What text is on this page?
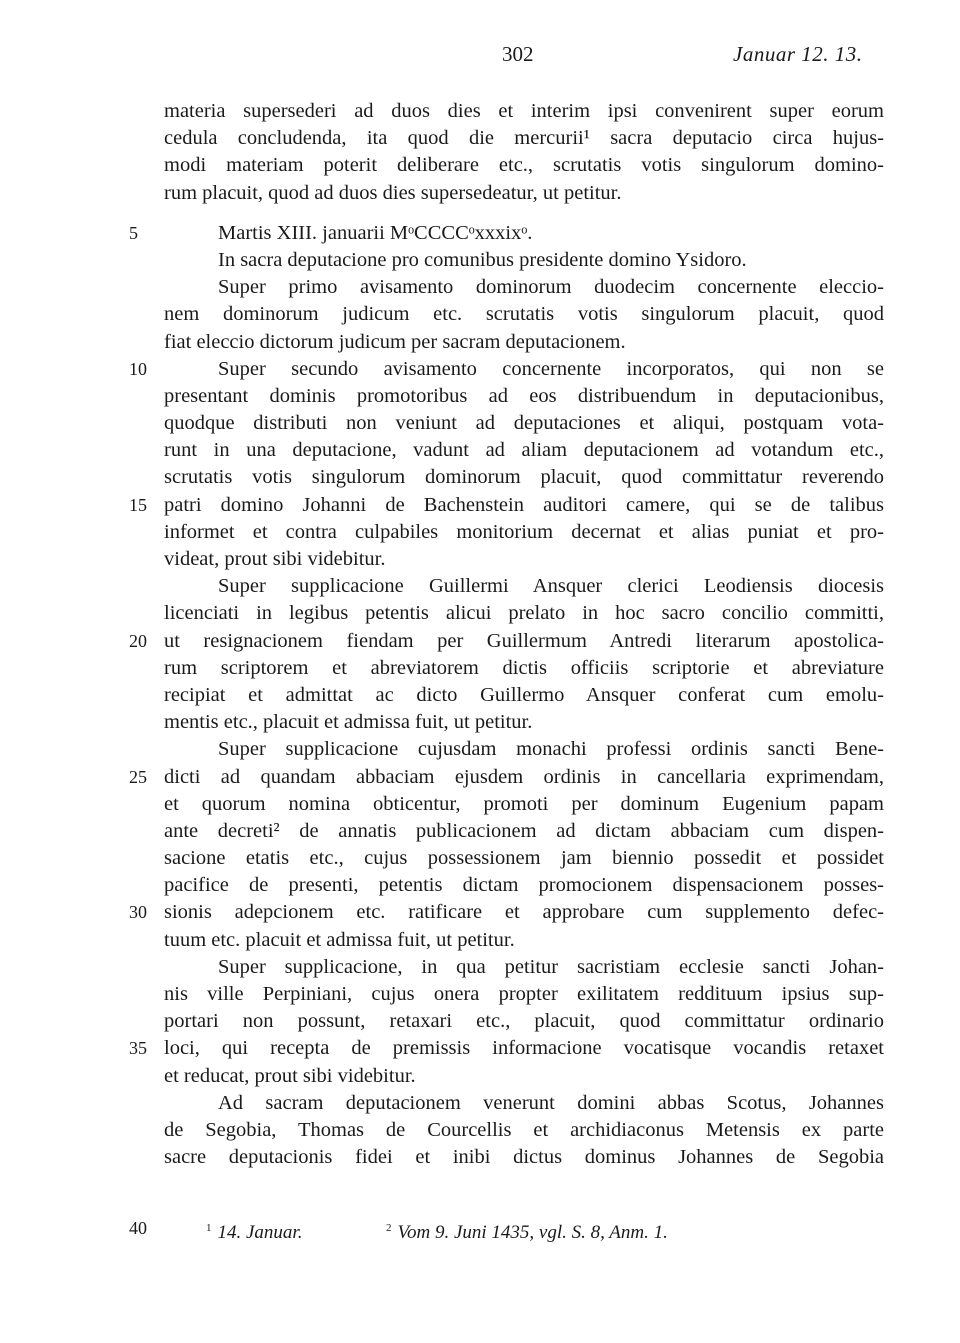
302	Januar 12. 13.
materia supersederi ad duos dies et interim ipsi convenirent super eorum
cedula concludenda, ita quod die mercurii¹ sacra deputacio circa hujus-
modi materiam poterit deliberare etc., scrutatis votis singulorum domino-
rum placuit, quod ad duos dies supersedeatur, ut petitur.
5	Martis XIII. januarii MᵒCCCCᵒxxxixᵒ.
In sacra deputacione pro comunibus presidente domino Ysidoro.
Super primo avisamento dominorum duodecim concernente eleccio-
nem dominorum judicum etc. scrutatis votis singulorum placuit, quod
fiat eleccio dictorum judicum per sacram deputacionem.
10	Super secundo avisamento concernente incorporatos, qui non se
presentant dominis promotoribus ad eos distribuendum in deputacionibus,
quodque distributi non veniunt ad deputaciones et aliqui, postquam vota-
runt in una deputacione, vadunt ad aliam deputacionem ad votandum etc.,
scrutatis votis singulorum dominorum placuit, quod committatur reverendo
15 patri domino Johanni de Bachenstein auditori camere, qui se de talibus
informet et contra culpabiles monitorium decernat et alias puniat et pro-
videat, prout sibi videbitur.
Super supplicacione Guillermi Ansquer clerici Leodiensis diocesis
licenciati in legibus petentis alicui prelato in hoc sacro concilio committi,
20 ut resignacionem fiendam per Guillermum Antredi literarum apostolica-
rum scriptorem et abreviatorem dictis officiis scriptorie et abreviature
recipiat et admittat ac dicto Guillermo Ansquer conferat cum emolu-
mentis etc., placuit et admissa fuit, ut petitur.
Super supplicacione cujusdam monachi professi ordinis sancti Bene-
25 dicti ad quandam abbaciam ejusdem ordinis in cancellaria exprimendam,
et quorum nomina obticentur, promoti per dominum Eugenium papam
ante decreti² de annatis publicacionem ad dictam abbaciam cum dispen-
sacione etatis etc., cujus possessionem jam biennio possedit et possidet
pacifice de presenti, petentis dictam promocionem dispensacionem posses-
30 sionis adepcionem etc. ratificare et approbare cum supplemento defec-
tuum etc. placuit et admissa fuit, ut petitur.
Super supplicacione, in qua petitur sacristiam ecclesie sancti Johan-
nis ville Perpiniani, cujus onera propter exilitatem reddituum ipsius sup-
portari non possunt, retaxari etc., placuit, quod committatur ordinario
35 loci, qui recepta de premissis informacione vocatisque vocandis retaxet
et reducat, prout sibi videbitur.
Ad sacram deputacionem venerunt domini abbas Scotus, Johannes
de Segobia, Thomas de Courcellis et archidiaconus Metensis ex parte
sacre deputacionis fidei et inibi dictus dominus Johannes de Segobia
40	$^1$ 14. Januar.	$^2$ Vom 9. Juni 1435, vgl. S. 8, Anm. 1.
